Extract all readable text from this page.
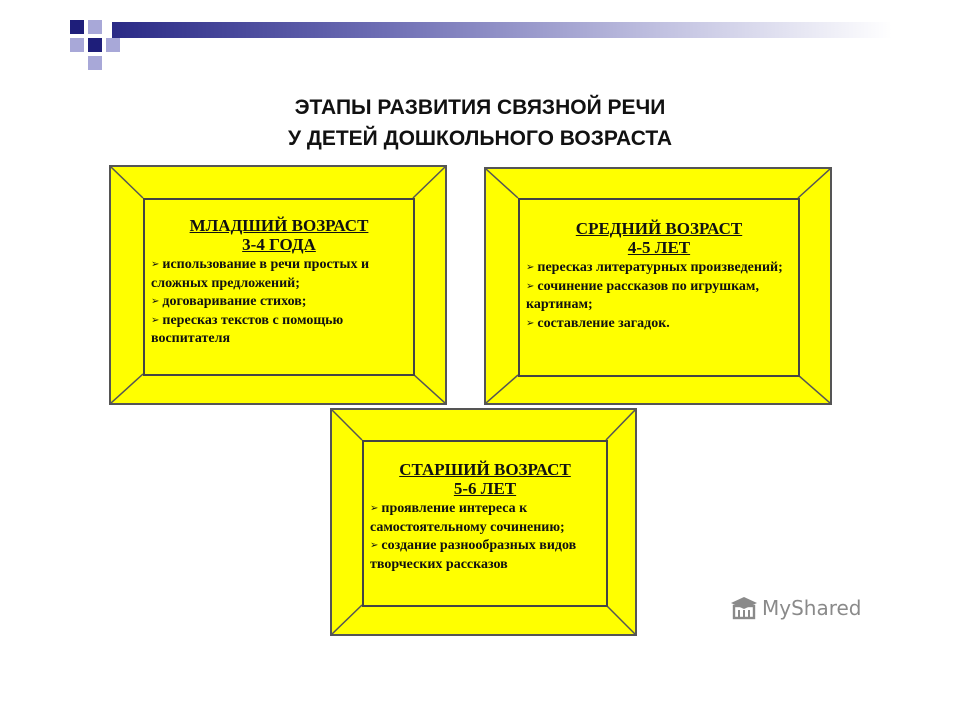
ЭТАПЫ РАЗВИТИЯ СВЯЗНОЙ РЕЧИ
У ДЕТЕЙ ДОШКОЛЬНОГО ВОЗРАСТА
МЛАДШИЙ ВОЗРАСТ
3-4 ГОДА
➢ использование в речи простых и сложных предложений;
➢ договаривание стихов;
➢ пересказ текстов с помощью воспитателя
СРЕДНИЙ ВОЗРАСТ
4-5 ЛЕТ
➢ пересказ литературных произведений;
➢ сочинение рассказов по игрушкам, картинам;
➢ составление загадок.
СТАРШИЙ ВОЗРАСТ
5-6 ЛЕТ
➢ проявление интереса к самостоятельному сочинению;
➢ создание разнообразных видов творческих рассказов
MyShared
